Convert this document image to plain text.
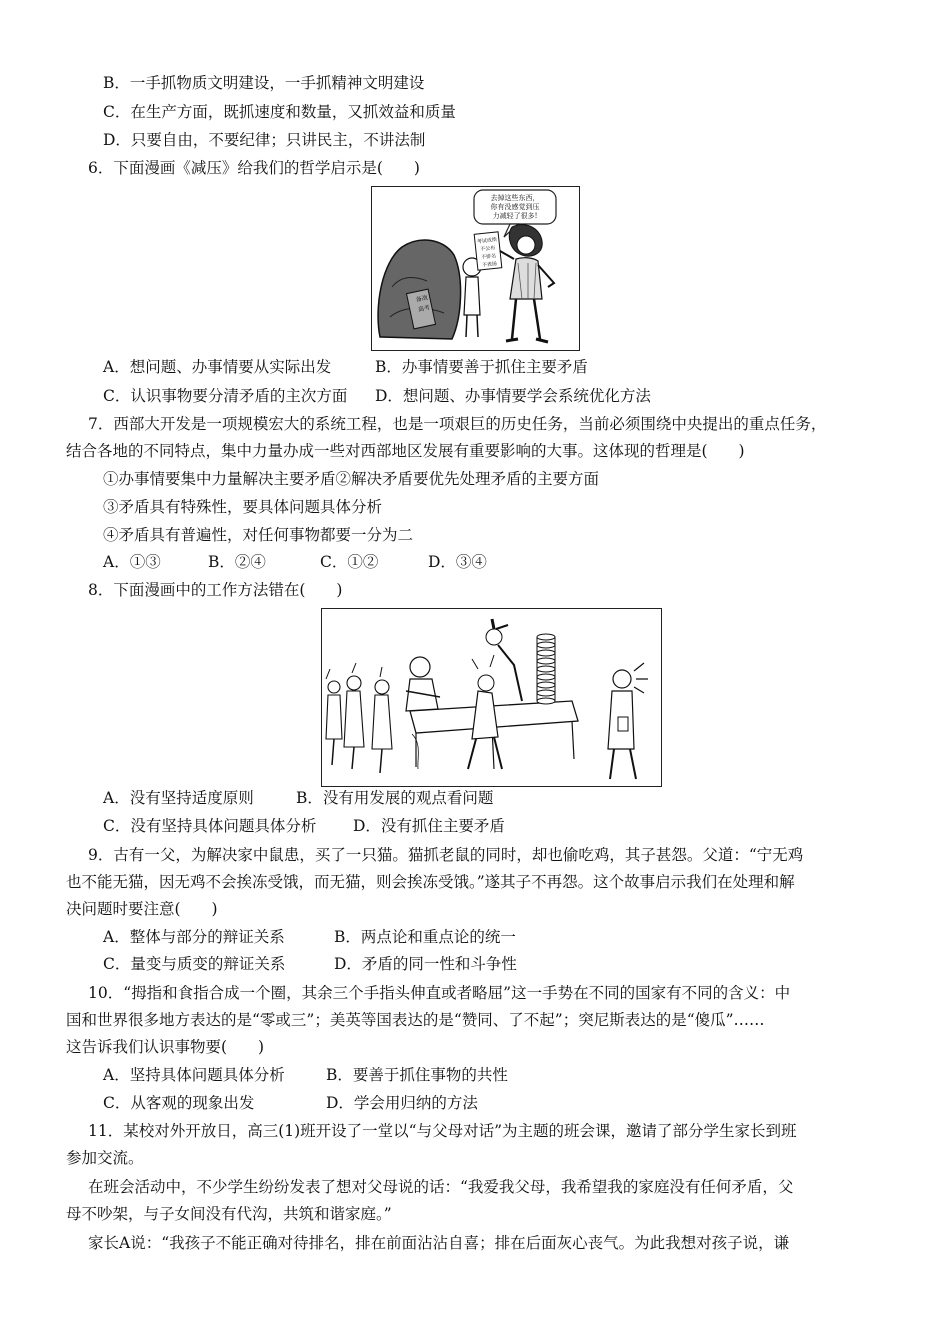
B．一手抓物质文明建设，一手抓精神文明建设
C．在生产方面，既抓速度和数量，又抓效益和质量
D．只要自由，不要纪律；只讲民主，不讲法制
6．下面漫画《减压》给我们的哲学启示是(　　)
去掉这些东西，
你有没感觉到压
力减轻了很多!
备战
高考
考试成绩
不公布
不排名
不表扬
A．想问题、办事情要从实际出发	B．办事情要善于抓住主要矛盾
C．认识事物要分清矛盾的主次方面 D．想问题、办事情要学会系统优化方法
7．西部大开发是一项规模宏大的系统工程，也是一项艰巨的历史任务，当前必须围绕中央提出的重点任务，
结合各地的不同特点，集中力量办成一些对西部地区发展有重要影响的大事。这体现的哲理是(　　)
①办事情要集中力量解决主要矛盾②解决矛盾要优先处理矛盾的主要方面
③矛盾具有特殊性，要具体问题具体分析
④矛盾具有普遍性，对任何事物都要一分为二
A．①③	B．②④	C．①②	D．③④
8．下面漫画中的工作方法错在(　　)
A．没有坚持适度原则	B．没有用发展的观点看问题
C．没有坚持具体问题具体分析 D．没有抓住主要矛盾
9．古有一父，为解决家中鼠患，买了一只猫。猫抓老鼠的同时，却也偷吃鸡，其子甚怨。父道：“宁无鸡
也不能无猫，因无鸡不会挨冻受饿，而无猫，则会挨冻受饿。”遂其子不再怨。这个故事启示我们在处理和解
决问题时要注意(　　)
A．整体与部分的辩证关系	B．两点论和重点论的统一
C．量变与质变的辩证关系	D．矛盾的同一性和斗争性
10．“拇指和食指合成一个圈，其余三个手指头伸直或者略屈”这一手势在不同的国家有不同的含义：中
国和世界很多地方表达的是“零或三”；美英等国表达的是“赞同、了不起”；突尼斯表达的是“傻瓜”……
这告诉我们认识事物要(　　)
A．坚持具体问题具体分析	B．要善于抓住事物的共性
C．从客观的现象出发	D．学会用归纳的方法
11．某校对外开放日，高三(1)班开设了一堂以“与父母对话”为主题的班会课，邀请了部分学生家长到班
参加交流。
在班会活动中，不少学生纷纷发表了想对父母说的话：“我爱我父母，我希望我的家庭没有任何矛盾，父
母不吵架，与子女间没有代沟，共筑和谐家庭。”
家长A说：“我孩子不能正确对待排名，排在前面沾沾自喜；排在后面灰心丧气。为此我想对孩子说，谦
